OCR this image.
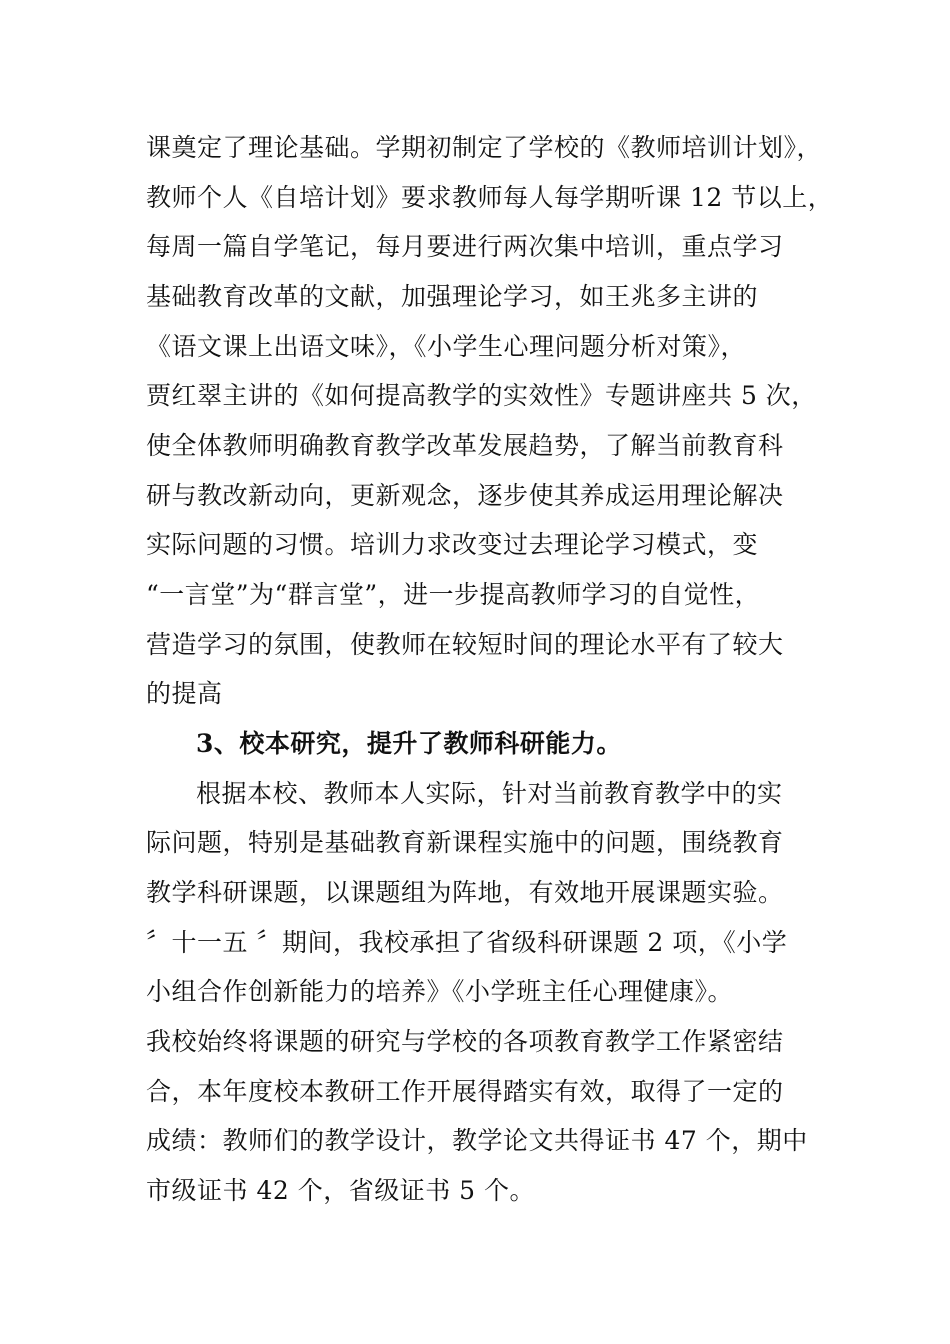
课奠定了理论基础。学期初制定了学校的《教师培训计划》，
教师个人《自培计划》要求教师每人每学期听课 12 节以上，
每周一篇自学笔记，每月要进行两次集中培训，重点学习
基础教育改革的文献，加强理论学习，如王兆多主讲的
《语文课上出语文味》，《小学生心理问题分析对策》，
贾红翠主讲的《如何提高教学的实效性》专题讲座共 5 次，
使全体教师明确教育教学改革发展趋势，了解当前教育科
研与教改新动向，更新观念，逐步使其养成运用理论解决
实际问题的习惯。培训力求改变过去理论学习模式，变
“一言堂”为“群言堂”，进一步提高教师学习的自觉性，
营造学习的氛围，使教师在较短时间的理论水平有了较大
的提高
3、校本研究，提升了教师科研能力。
根据本校、教师本人实际，针对当前教育教学中的实
际问题，特别是基础教育新课程实施中的问题，围绕教育
教学科研课题，以课题组为阵地，有效地开展课题实验。
〞十一五 〞期间，我校承担了省级科研课题 2 项，《小学
小组合作创新能力的培养》《小学班主任心理健康》。
我校始终将课题的研究与学校的各项教育教学工作紧密结
合，本年度校本教研工作开展得踏实有效，取得了一定的
成绩：教师们的教学设计，教学论文共得证书 47 个，期中
市级证书 42 个，省级证书 5 个。
